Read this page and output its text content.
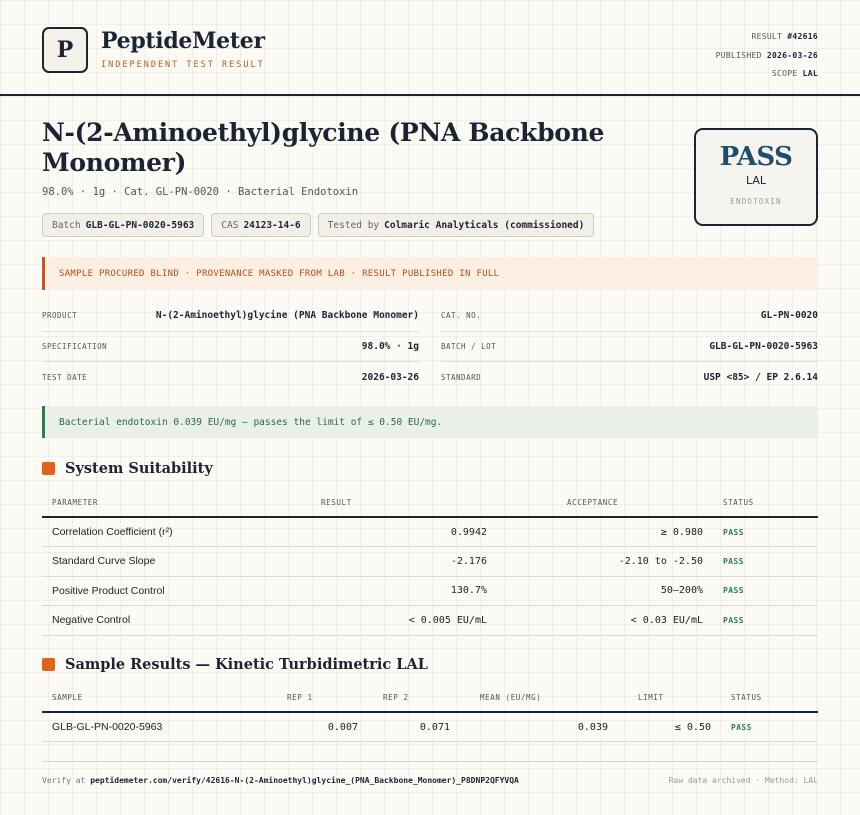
P PeptideMeter
INDEPENDENT TEST RESULT
RESULT #42616
PUBLISHED 2026-03-26
SCOPE LAL
N-(2-Aminoethyl)glycine (PNA Backbone Monomer)
98.0% · 1g · Cat. GL-PN-0020 · Bacterial Endotoxin
Batch GLB-GL-PN-0020-5963	CAS 24123-14-6	Tested by Colmaric Analyticals (commissioned)
PASS
LAL
ENDOTOXIN
SAMPLE PROCURED BLIND · PROVENANCE MASKED FROM LAB · RESULT PUBLISHED IN FULL
PRODUCT	N-(2-Aminoethyl)glycine (PNA Backbone Monomer)
SPECIFICATION	98.0% · 1g
TEST DATE	2026-03-26
CAT. NO.	GL-PN-0020
BATCH / LOT	GLB-GL-PN-0020-5963
STANDARD	USP <85> / EP 2.6.14
Bacterial endotoxin 0.039 EU/mg — passes the limit of ≤ 0.50 EU/mg.
System Suitability
PARAMETER	RESULT	ACCEPTANCE	STATUS
Correlation Coefficient (r²)	0.9942	≥ 0.980	PASS
Standard Curve Slope	-2.176	-2.10 to -2.50	PASS
Positive Product Control	130.7%	50–200%	PASS
Negative Control	< 0.005 EU/mL	< 0.03 EU/mL	PASS
Sample Results — Kinetic Turbidimetric LAL
SAMPLE	REP 1	REP 2	MEAN (EU/MG)	LIMIT	STATUS
GLB-GL-PN-0020-5963	0.007	0.071	0.039	≤ 0.50	PASS
Verify at peptidemeter.com/verify/42616-N-(2-Aminoethyl)glycine_(PNA_Backbone_Monomer)_P8DNP2QFYVQA	Raw data archived · Method: LAL
